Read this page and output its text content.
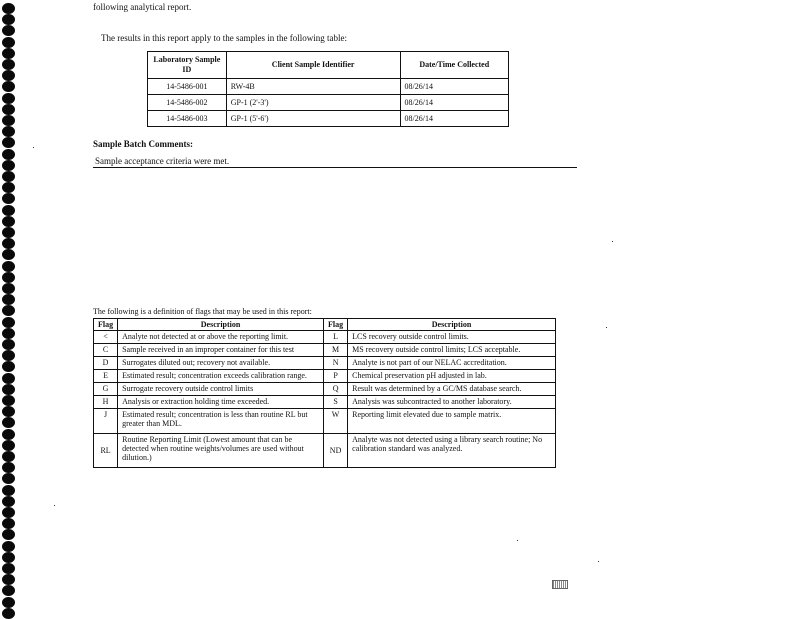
following analytical report.
The results in this report apply to the samples in the following table:
Laboratory Sample ID	Client Sample Identifier	Date/Time Collected
14-5486-001	RW-4B	08/26/14
14-5486-002	GP-1 (2'-3')	08/26/14
14-5486-003	GP-1 (5'-6')	08/26/14
Sample Batch Comments:
Sample acceptance criteria were met.
The following is a definition of flags that may be used in this report:
Flag	Description	Flag	Description
<	Analyte not detected at or above the reporting limit.	L	LCS recovery outside control limits.
C	Sample received in an improper container for this test	M	MS recovery outside control limits; LCS acceptable.
D	Surrogates diluted out; recovery not available.	N	Analyte is not part of our NELAC accreditation.
E	Estimated result; concentration exceeds calibration range.	P	Chemical preservation pH adjusted in lab.
G	Surrogate recovery outside control limits	Q	Result was determined by a GC/MS database search.
H	Analysis or extraction holding time exceeded.	S	Analysis was subcontracted to another laboratory.
J	Estimated result; concentration is less than routine RL but greater than MDL.	W	Reporting limit elevated due to sample matrix.
RL	Routine Reporting Limit (Lowest amount that can be detected when routine weights/volumes are used without dilution.)	ND	Analyte was not detected using a library search routine; No calibration standard was analyzed.
